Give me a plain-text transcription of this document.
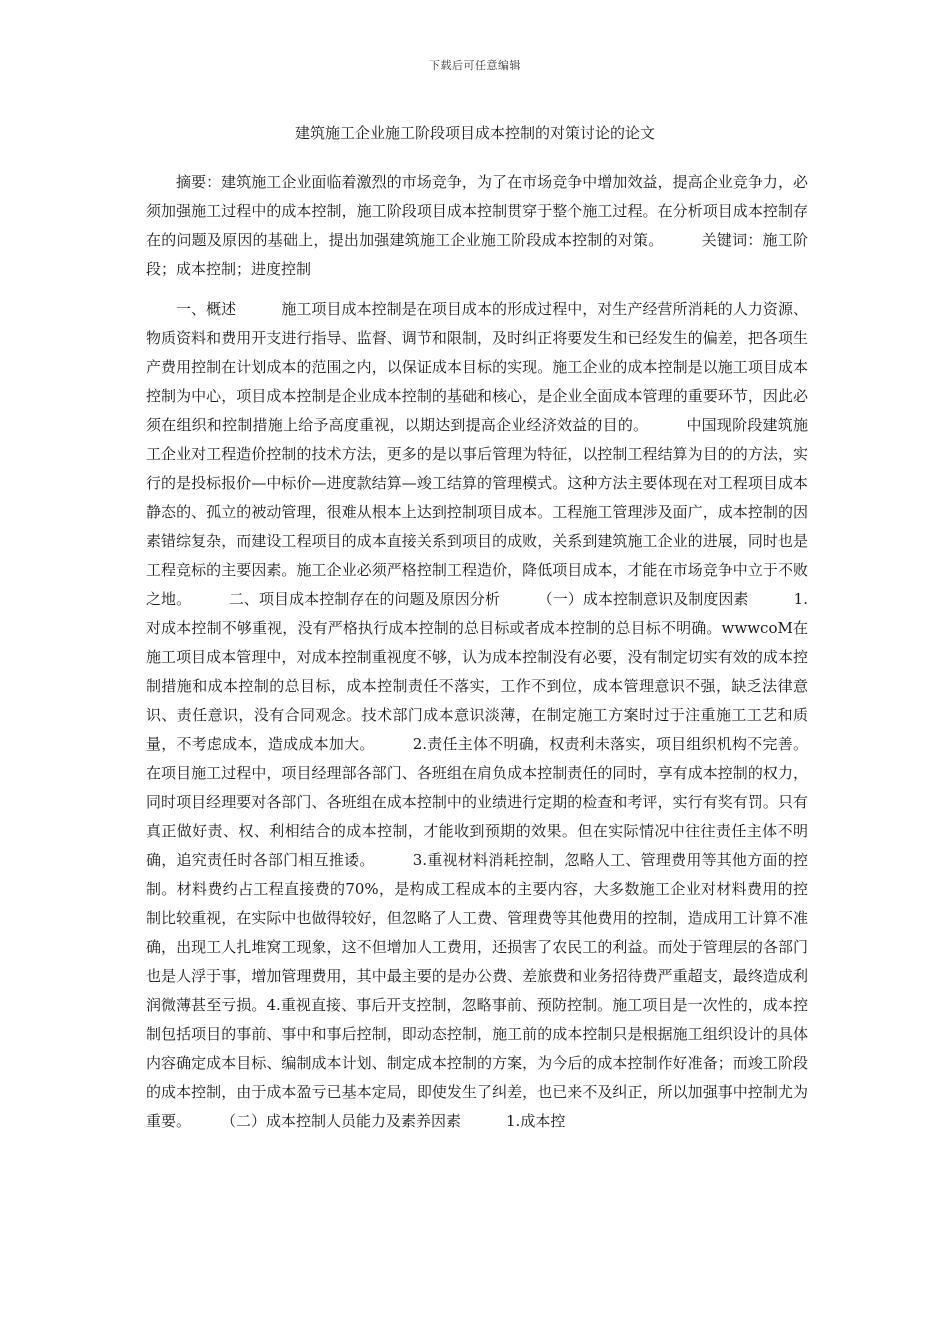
下载后可任意编辑
建筑施工企业施工阶段项目成本控制的对策讨论的论文

摘要：建筑施工企业面临着激烈的市场竞争，为了在市场竞争中增加效益，提高企业竞争力，必须加强施工过程中的成本控制，施工阶段项目成本控制贯穿于整个施工过程。在分析项目成本控制存在的问题及原因的基础上，提出加强建筑施工企业施工阶段成本控制的对策。　　　关键词：施工阶段；成本控制；进度控制

一、概述　　　施工项目成本控制是在项目成本的形成过程中，对生产经营所消耗的人力资源、物质资料和费用开支进行指导、监督、调节和限制，及时纠正将要发生和已经发生的偏差，把各项生产费用控制在计划成本的范围之内，以保证成本目标的实现。施工企业的成本控制是以施工项目成本控制为中心，项目成本控制是企业成本控制的基础和核心，是企业全面成本管理的重要环节，因此必须在组织和控制措施上给予高度重视，以期达到提高企业经济效益的目的。　　　中国现阶段建筑施工企业对工程造价控制的技术方法，更多的是以事后管理为特征，以控制工程结算为目的的方法，实行的是投标报价—中标价—进度款结算—竣工结算的管理模式。这种方法主要体现在对工程项目成本静态的、孤立的被动管理，很难从根本上达到控制项目成本。工程施工管理涉及面广，成本控制的因素错综复杂，而建设工程项目的成本直接关系到项目的成败，关系到建筑施工企业的进展，同时也是工程竞标的主要因素。施工企业必须严格控制工程造价，降低项目成本，才能在市场竞争中立于不败之地。　　　二、项目成本控制存在的问题及原因分析　　　（一）成本控制意识及制度因素　　　1.对成本控制不够重视，没有严格执行成本控制的总目标或者成本控制的总目标不明确。wwwcoM在施工项目成本管理中，对成本控制重视度不够，认为成本控制没有必要，没有制定切实有效的成本控制措施和成本控制的总目标，成本控制责任不落实，工作不到位，成本管理意识不强，缺乏法律意识、责任意识，没有合同观念。技术部门成本意识淡薄，在制定施工方案时过于注重施工工艺和质量，不考虑成本，造成成本加大。　　　2.责任主体不明确，权责利未落实，项目组织机构不完善。在项目施工过程中，项目经理部各部门、各班组在肩负成本控制责任的同时，享有成本控制的权力，同时项目经理要对各部门、各班组在成本控制中的业绩进行定期的检查和考评，实行有奖有罚。只有真正做好责、权、利相结合的成本控制，才能收到预期的效果。但在实际情况中往往责任主体不明确，追究责任时各部门相互推诿。　　　3.重视材料消耗控制，忽略人工、管理费用等其他方面的控制。材料费约占工程直接费的70%，是构成工程成本的主要内容，大多数施工企业对材料费用的控制比较重视，在实际中也做得较好，但忽略了人工费、管理费等其他费用的控制，造成用工计算不准确，出现工人扎堆窝工现象，这不但增加人工费用，还损害了农民工的利益。而处于管理层的各部门也是人浮于事，增加管理费用，其中最主要的是办公费、差旅费和业务招待费严重超支，最终造成利润微薄甚至亏损。4.重视直接、事后开支控制，忽略事前、预防控制。施工项目是一次性的，成本控制包括项目的事前、事中和事后控制，即动态控制，施工前的成本控制只是根据施工组织设计的具体内容确定成本目标、编制成本计划、制定成本控制的方案，为今后的成本控制作好准备；而竣工阶段的成本控制，由于成本盈亏已基本定局，即使发生了纠差，也已来不及纠正，所以加强事中控制尤为重要。　　　（二）成本控制人员能力及素养因素　　　1.成本控
